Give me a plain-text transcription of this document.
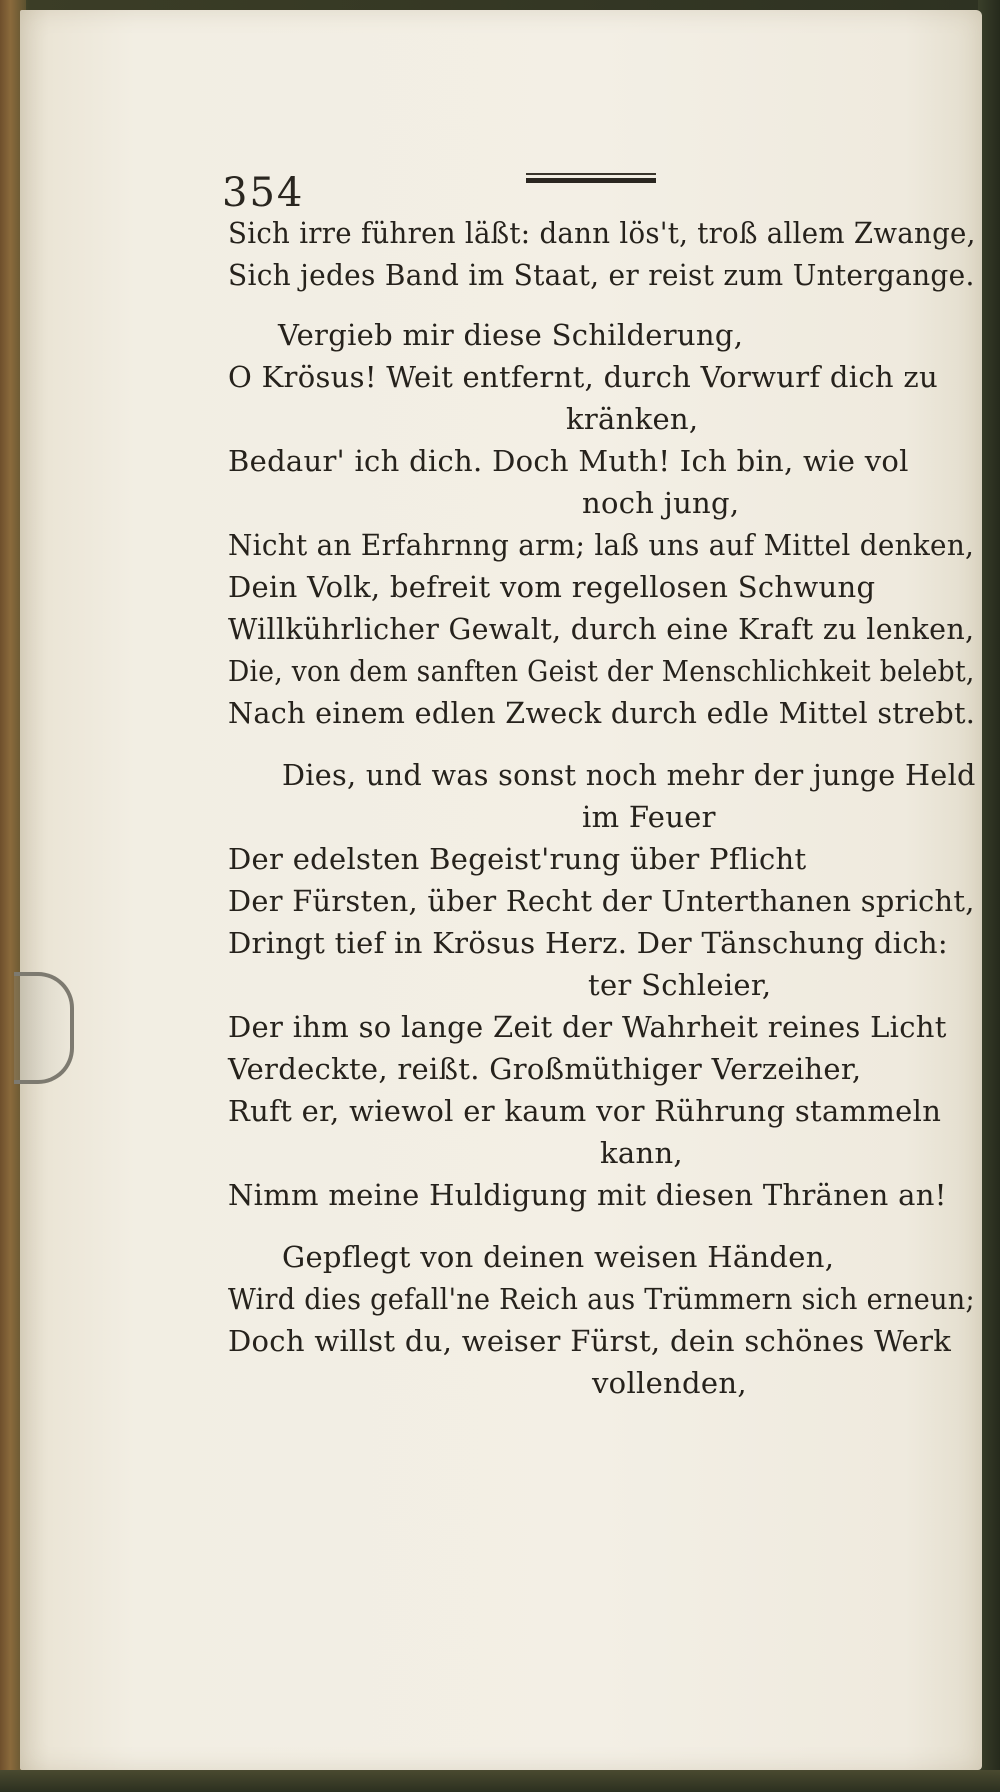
354
Sich irre führen läßt: dann lös't, troß allem Zwange,
Sich jedes Band im Staat, er reist zum Untergange.
Vergieb mir diese Schilderung,
O Krösus! Weit entfernt, durch Vorwurf dich zu
kränken,
Bedaur' ich dich. Doch Muth! Ich bin, wie vol
noch jung,
Nicht an Erfahrnng arm; laß uns auf Mittel denken,
Dein Volk, befreit vom regellosen Schwung
Willkührlicher Gewalt, durch eine Kraft zu lenken,
Die, von dem sanften Geist der Menschlichkeit belebt,
Nach einem edlen Zweck durch edle Mittel strebt.
Dies, und was sonst noch mehr der junge Held
im Feuer
Der edelsten Begeist'rung über Pflicht
Der Fürsten, über Recht der Unterthanen spricht,
Dringt tief in Krösus Herz. Der Tänschung dich:
ter Schleier,
Der ihm so lange Zeit der Wahrheit reines Licht
Verdeckte, reißt. Großmüthiger Verzeiher,
Ruft er, wiewol er kaum vor Rührung stammeln
kann,
Nimm meine Huldigung mit diesen Thränen an!
Gepflegt von deinen weisen Händen,
Wird dies gefall'ne Reich aus Trümmern sich erneun;
Doch willst du, weiser Fürst, dein schönes Werk
vollenden,
